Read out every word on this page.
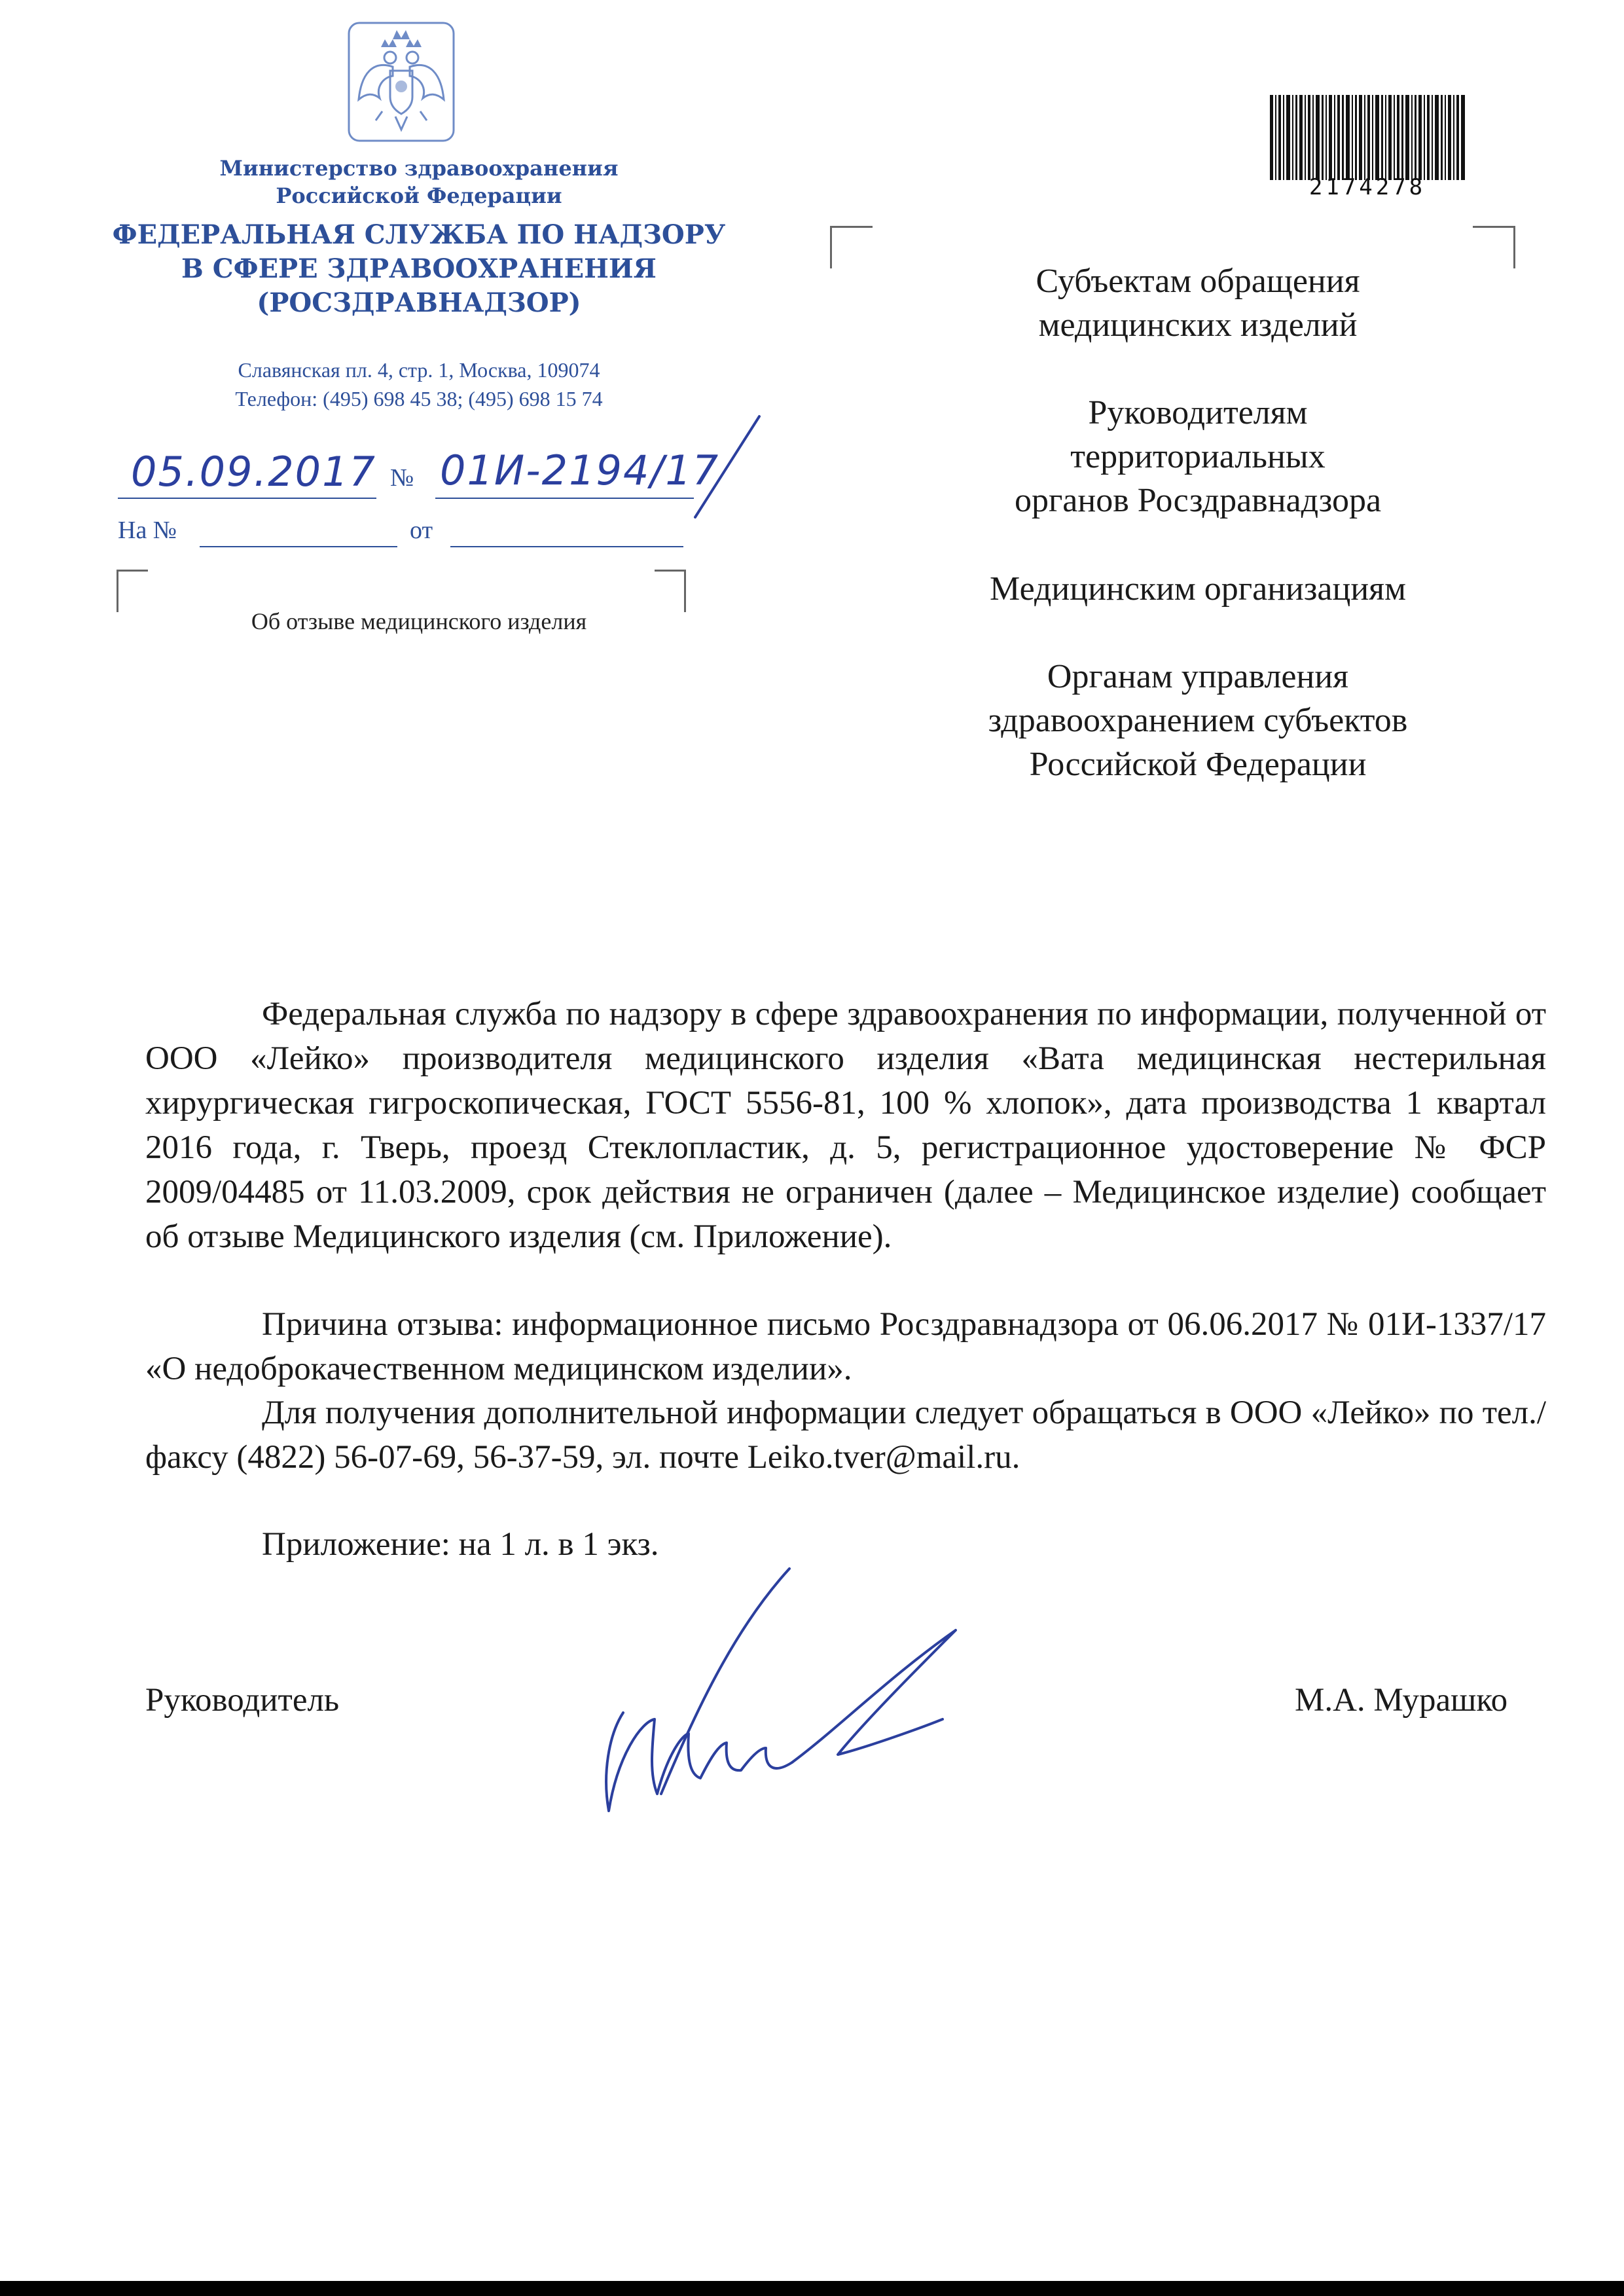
Министерство здравоохранения
Российской Федерации
ФЕДЕРАЛЬНАЯ СЛУЖБА ПО НАДЗОРУ
В СФЕРЕ ЗДРАВООХРАНЕНИЯ
(РОСЗДРАВНАДЗОР)
Славянская пл. 4, стр. 1, Москва, 109074
Телефон: (495) 698 45 38; (495) 698 15 74
05.09.2017 № 01И-2194/17
На №	от
Об отзыве медицинского изделия
2174278
Субъектам обращения
медицинских изделий
Руководителям
территориальных
органов Росздравнадзора
Медицинским организациям
Органам управления
здравоохранением субъектов
Российской Федерации
Федеральная служба по надзору в сфере здравоохранения по информации, полученной от ООО «Лейко» производителя медицинского изделия «Вата медицинская нестерильная хирургическая гигроскопическая, ГОСТ 5556-81, 100 % хлопок», дата производства 1 квартал 2016 года, г. Тверь, проезд Стеклопластик, д. 5, регистрационное удостоверение № ФСР 2009/04485 от 11.03.2009, срок действия не ограничен (далее – Медицинское изделие) сообщает об отзыве Медицинского изделия (см. Приложение).
Причина отзыва: информационное письмо Росздравнадзора от 06.06.2017 № 01И-1337/17 «О недоброкачественном медицинском изделии».
Для получения дополнительной информации следует обращаться в ООО «Лейко» по тел./факсу (4822) 56-07-69, 56-37-59, эл. почте Leiko.tver@mail.ru.
Приложение: на 1 л. в 1 экз.
Руководитель	М.А. Мурашко
